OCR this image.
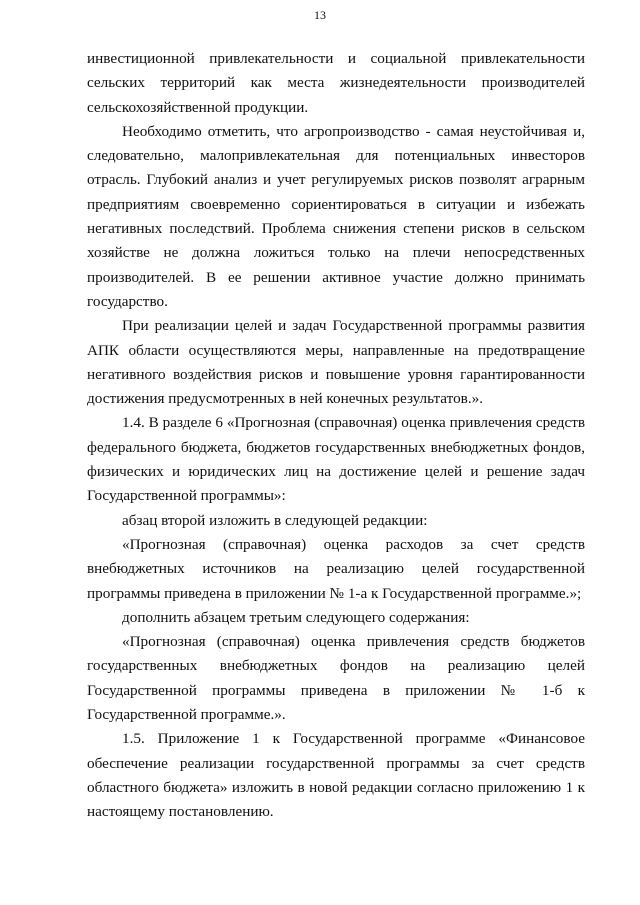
13

инвестиционной привлекательности и социальной привлекательности сельских территорий как места жизнедеятельности производителей сельскохозяйственной продукции.

Необходимо отметить, что агропроизводство - самая неустойчивая и, следовательно, малопривлекательная для потенциальных инвесторов отрасль. Глубокий анализ и учет регулируемых рисков позволят аграрным предприятиям своевременно сориентироваться в ситуации и избежать негативных последствий. Проблема снижения степени рисков в сельском хозяйстве не должна ложиться только на плечи непосредственных производителей. В ее решении активное участие должно принимать государство.

При реализации целей и задач Государственной программы развития АПК области осуществляются меры, направленные на предотвращение негативного воздействия рисков и повышение уровня гарантированности достижения предусмотренных в ней конечных результатов.».

1.4. В разделе 6 «Прогнозная (справочная) оценка привлечения средств федерального бюджета, бюджетов государственных внебюджетных фондов, физических и юридических лиц на достижение целей и решение задач Государственной программы»:

абзац второй изложить в следующей редакции:

«Прогнозная (справочная) оценка расходов за счет средств внебюджетных источников на реализацию целей государственной программы приведена в приложении № 1-а к Государственной программе.»;

дополнить абзацем третьим следующего содержания:

«Прогнозная (справочная) оценка привлечения средств бюджетов государственных внебюджетных фондов на реализацию целей Государственной программы приведена в приложении № 1-б к Государственной программе.».

1.5. Приложение 1 к Государственной программе «Финансовое обеспечение реализации государственной программы за счет средств областного бюджета» изложить в новой редакции согласно приложению 1 к настоящему постановлению.
